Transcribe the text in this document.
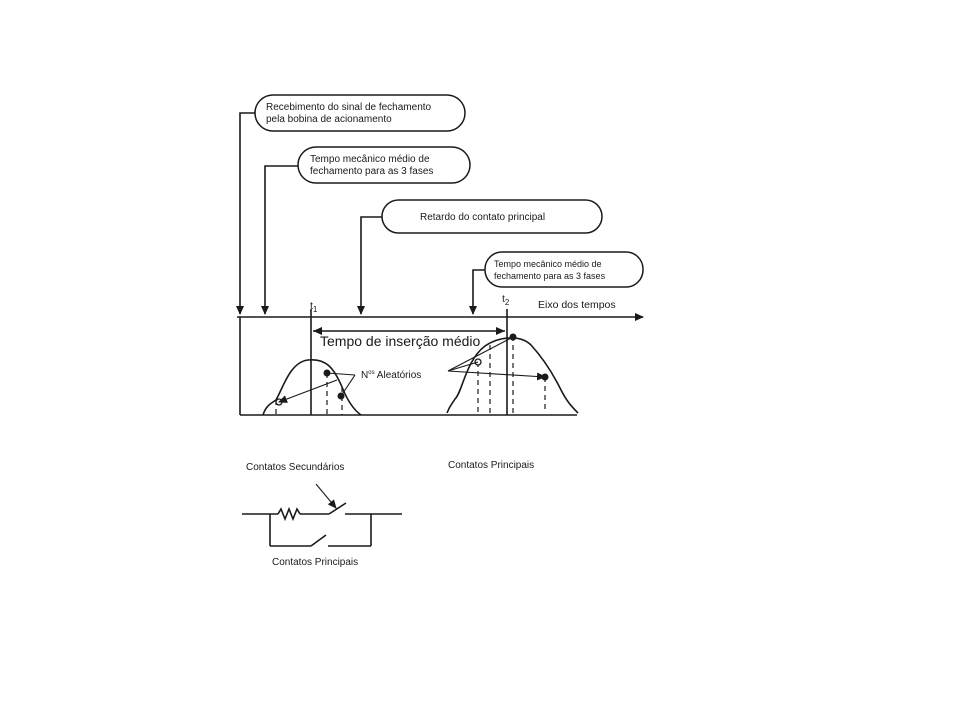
Recebimento do sinal de fechamento
pela bobina de acionamento
Tempo mecânico médio de
fechamento para as 3 fases
Retardo do contato principal
Tempo mecânico médio de
fechamento para as 3 fases
$t_1$
$t_2$	Eixo dos tempos
Tempo de inserção médio
$N^{os}$ Aleatórios
Contatos Principais
Contatos Secundários
Contatos Principais
